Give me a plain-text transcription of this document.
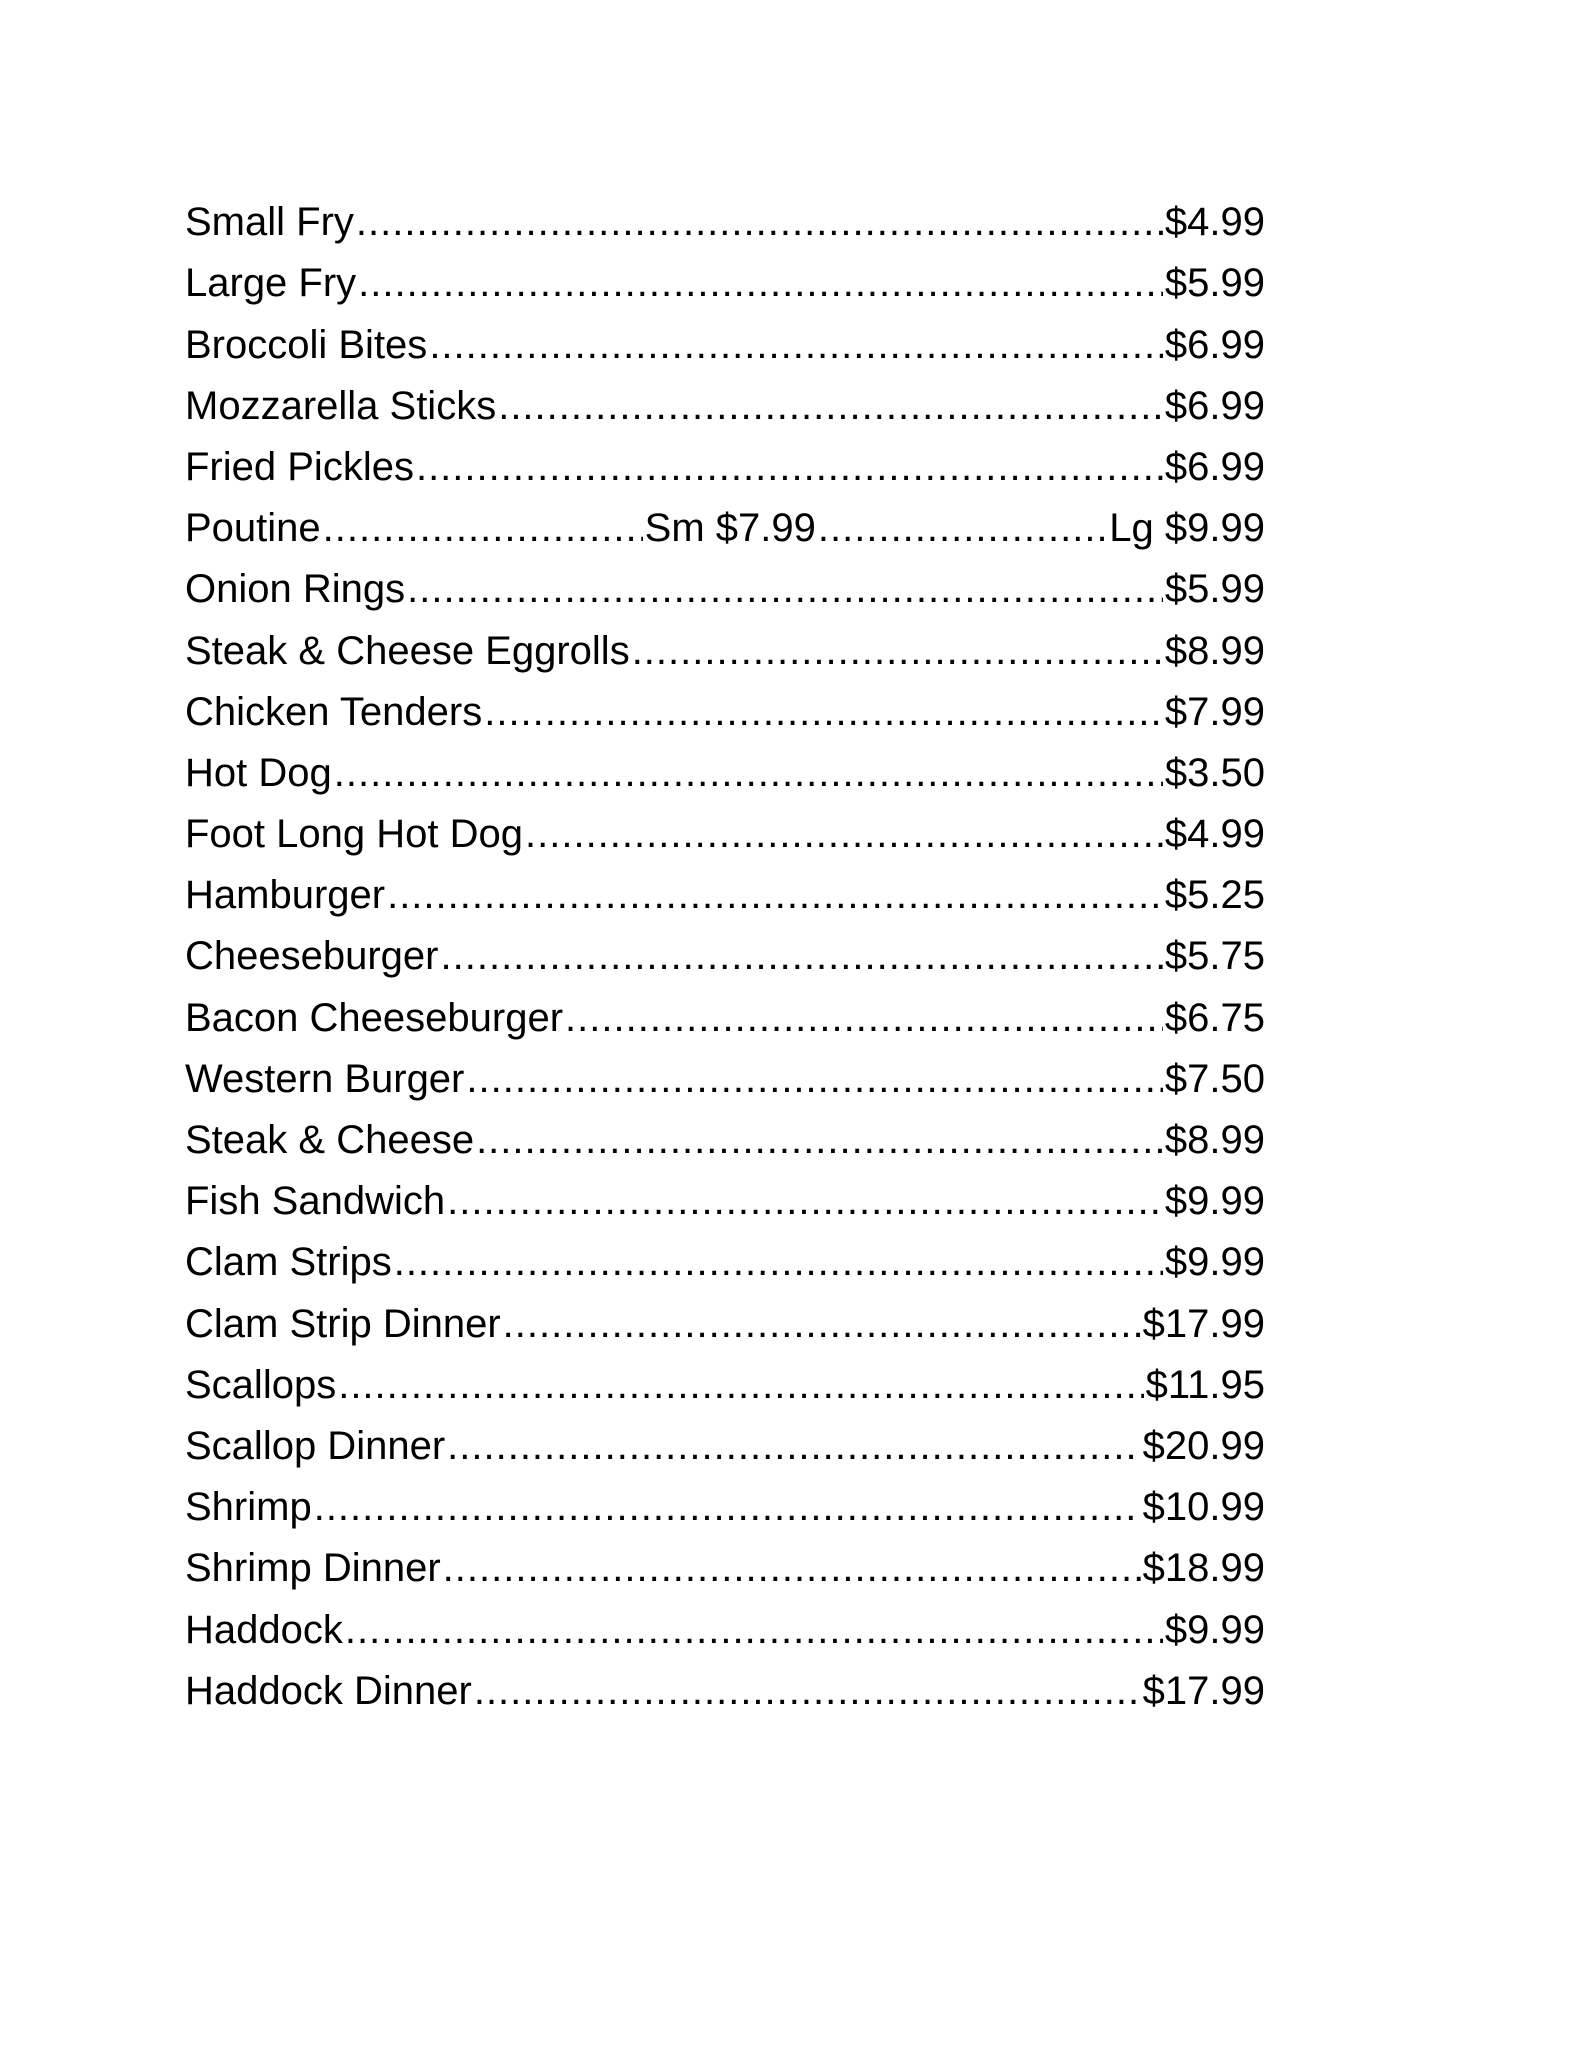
Small Fry .....	$4.99
Large Fry .....	$5.99
Broccoli Bites .....	$6.99
Mozzarella Sticks .....	$6.99
Fried Pickles .....	$6.99
Poutine .....	Sm $7.99 .....	Lg $9.99
Onion Rings .....	$5.99
Steak & Cheese Eggrolls .....	$8.99
Chicken Tenders .....	$7.99
Hot Dog .....	$3.50
Foot Long Hot Dog .....	$4.99
Hamburger .....	$5.25
Cheeseburger .....	$5.75
Bacon Cheeseburger .....	$6.75
Western Burger .....	$7.50
Steak & Cheese .....	$8.99
Fish Sandwich .....	$9.99
Clam Strips .....	$9.99
Clam Strip Dinner .....	$17.99
Scallops .....	$11.95
Scallop Dinner .....	$20.99
Shrimp .....	$10.99
Shrimp Dinner .....	$18.99
Haddock .....	$9.99
Haddock Dinner .....	$17.99
